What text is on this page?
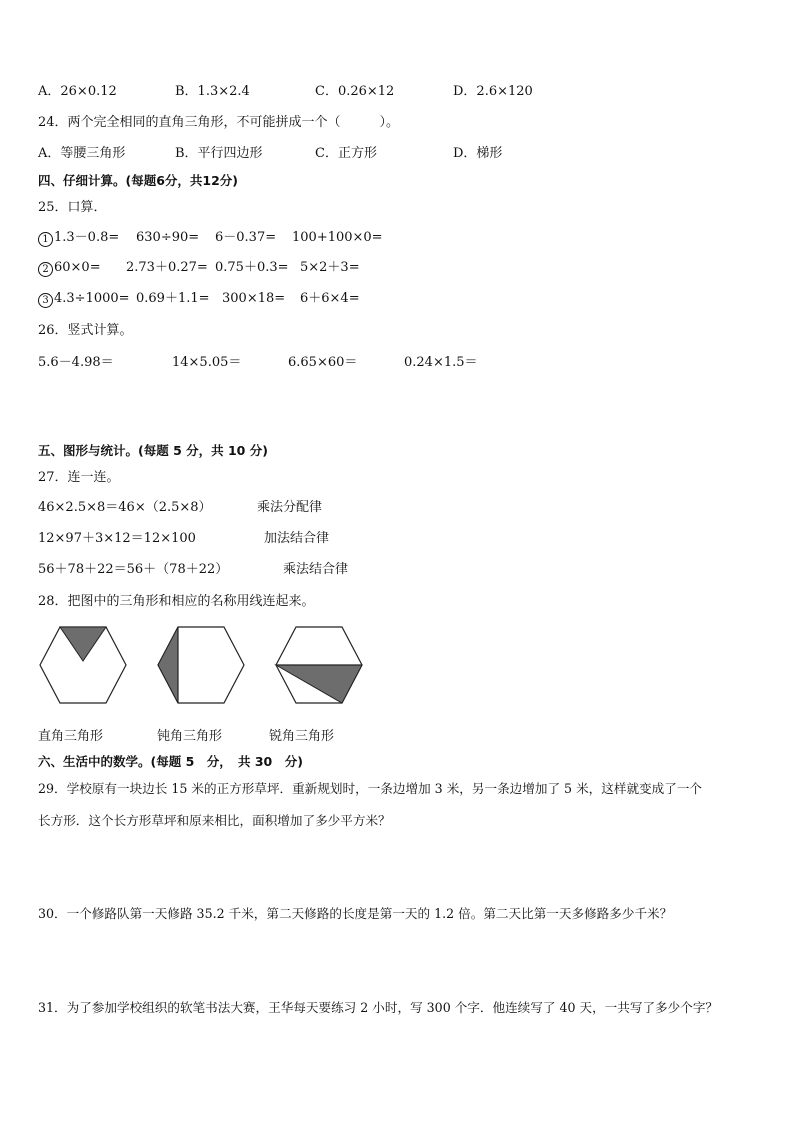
A．26×0.12	B．1.3×2.4	C．0.26×12	D．2.6×120
24．两个完全相同的直角三角形，不可能拼成一个（　　　）。
A．等腰三角形	B．平行四边形	C．正方形	D．梯形
四、仔细计算。(每题6分，共12分)
25．口算．
1 1.3－0.8= 630÷90= 6－0.37= 100+100×0=
2 60×0= 2.73＋0.27= 0.75＋0.3= 5×2＋3=
3 4.3÷1000= 0.69＋1.1= 300×18= 6＋6×4=
26．竖式计算。
5.6－4.98＝	14×5.05＝	6.65×60＝	0.24×1.5＝
五、图形与统计。(每题 5 分，共 10 分)
27．连一连。
46×2.5×8＝46×（2.5×8）	乘法分配律
12×97＋3×12＝12×100	加法结合律
56＋78＋22＝56＋（78＋22）	乘法结合律
28．把图中的三角形和相应的名称用线连起来。
直角三角形	钝角三角形	锐角三角形
六、生活中的数学。(每题 5　分，　共 30　分)
29．学校原有一块边长 15 米的正方形草坪．重新规划时，一条边增加 3 米，另一条边增加了 5 米，这样就变成了一个
长方形．这个长方形草坪和原来相比，面积增加了多少平方米？
30．一个修路队第一天修路 35.2 千米，第二天修路的长度是第一天的 1.2 倍。第二天比第一天多修路多少千米？
31．为了参加学校组织的软笔书法大赛，王华每天要练习 2 小时，写 300 个字．他连续写了 40 天，一共写了多少个字？
